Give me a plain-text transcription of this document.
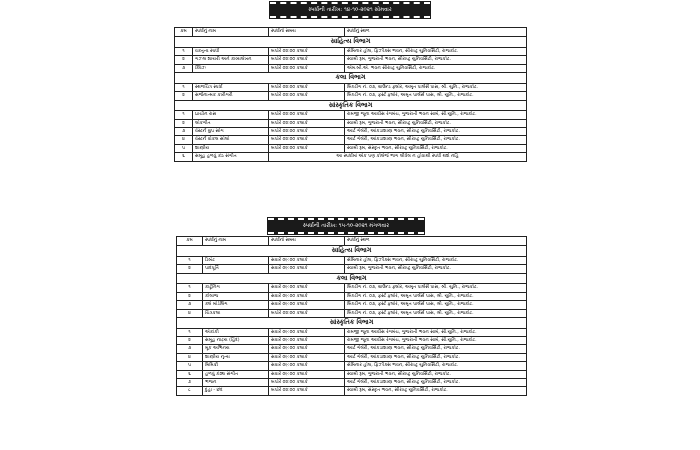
સ્પર્ધાની તારીખ: ૧૪-૧૦-૨૦૨૧ સોમવાર
ક્રમ	સ્પર્ધાનું નામ	સ્પર્ધાનો સમય	સ્પર્ધાનું સ્થળ
સાહિત્ય વિભાગ			
૧	વક્તૃત્વ સ્પર્ધા	બપોરે ૦૨:૦૦ કલાકે	સેમિનાર હોલ, ફિઝીક્સ ભવન, સૌરાષ્ટ્ર યુનિવર્સિટી, રાજકોટ.
૨	ગઝલ શાયરી અને કાવ્યલેખન	બપોરે ૦૨:૦૦ કલાકે	સ્વામી રૂમ, ગુજરાતી ભવન, સૌરાષ્ટ્ર યુનિવર્સિટી, રાજકોટ.
૩	ક્વિઝ	બપોરે ૦૨:૦૦ કલાકે	એમ.બી.એ. ભવન સૌરાષ્ટ્ર યુનિવર્સિટી, રાજકોટ.
કલા વિભાગ			
૧	સ્થળચિત્ર સ્પર્ધા	બપોરે ૦૨:૦૦ કલાકે	બિલ્ડીંગ નં. ૦૩, ગ્રાઉન્ડ ફ્લોર, અમૃત પાર્લર્સ પાસ, શ્રી. યુનિ., રાજકોટ.
૨	સર્જનાત્મક કારીગરી	બપોરે ૦૨:૦૦ કલાકે	બિલ્ડીંગ નં. ૦૩, ફર્સ્ટ ફ્લોર, અમૃત પાર્લર્સ પાસ, શ્રી. યુનિ., રાજકોટ.
સાંસ્કૃતિક વિભાગ			
૧	પ્રાચીન રાસ	બપોરે ૦૨:૦૦ કલાકે	રામજી જૂના આવીસ રંગમંચ, ગુજરાતી ભવન સામે, સૌ.યુનિ., રાજકોટ.
૨	લોકગીત	બપોરે ૦૨:૦૦ કલાકે	સ્વામી રૂમ, ગુજરાતી ભવન, સૌરાષ્ટ્ર યુનિવર્સિટી, રાજકોટ.
૩	વેસ્ટર્ન ગ્રુપ સોંગ	બપોરે ૦૨:૦૦ કલાકે	આર્ટ ગેલેરી, આંકડાશાસ્ત્ર ભવન, સૌરાષ્ટ્ર યુનિવર્સિટી, રાજકોટ.
૪	વેસ્ટર્ન વોકલ સોલો	બપોરે ૦૨:૦૦ કલાકે	આર્ટ ગેલેરી, આંકડાશાસ્ત્ર ભવન, સૌરાષ્ટ્ર યુનિવર્સિટી, રાજકોટ.
૫	શાસ્ત્રીય	બપોરે ૦૨:૦૦ કલાકે	સ્વામી રૂમ, સંસ્કૃત ભવન, સૌરાષ્ટ્ર યુનિવર્સિટી, રાજકોટ.
૬	સમૂહ હળવું કંઠ સંગીત	આ સ્પર્ધામાં એક પણ કોલેજે ભાગ લીધેલ ન હોવાથી સ્પર્ધા થશે નહિ	
સ્પર્ધાની તારીખ: ૧૫-૧૦-૨૦૨૧ મંગળવાર
ક્રમ	સ્પર્ધાનું નામ	સ્પર્ધાનો સમય	સ્પર્ધાનું સ્થળ
સાહિત્ય વિભાગ			
૧	ડિબેટ	સવારે ૦૯:૦૦ કલાકે	સેમિનાર હોલ, ફિઝીક્સ ભવન, સૌરાષ્ટ્ર યુનિવર્સિટી, રાજકોટ.
૨	પાદપૂર્તિ	સવારે ૦૯:૦૦ કલાકે	સ્વામી રૂમ, ગુજરાતી ભવન, સૌરાષ્ટ્ર યુનિવર્સિટી, રાજકોટ.
કલા વિભાગ			
૧	કાર્ટૂનિંગ	સવારે ૦૯:૦૦ કલાકે	બિલ્ડીંગ નં. ૦૩, ગ્રાઉન્ડ ફ્લોર, અમૃત પાર્લર્સ પાસ, શ્રી. યુનિ., રાજકોટ.
૨	કોલાજ	સવારે ૦૯:૦૦ કલાકે	બિલ્ડીંગ નં. ૦૩, ફર્સ્ટ ફ્લોર, અમૃત પાર્લર્સ પાસ, શ્રી. યુનિ., રાજકોટ.
૩	ક્લે મોડેલિંગ	સવારે ૦૯:૦૦ કલાકે	બિલ્ડીંગ નં. ૦૩, ફર્સ્ટ ફ્લોર, અમૃત પાર્લર્સ પાસ, શ્રી. યુનિ., રાજકોટ.
૪	ચિત્રકલા	બપોરે ૦૨:૦૦ કલાકે	બિલ્ડીંગ નં. ૦૩, ફર્સ્ટ ફ્લોર, અમૃત પાર્લર્સ પાસ, શ્રી. યુનિ., રાજકોટ.
સાંસ્કૃતિક વિભાગ			
૧	એકાંકી	સવારે ૦૯:૦૦ કલાકે	રામજી જૂના આવીસ રંગમંચ, ગુજરાતી ભવન સામે, સૌ.યુનિ., રાજકોટ.
૨	સમૂહ નાટ્ય (હિંદ)	સવારે ૦૯:૦૦ કલાકે	રામજી જૂના આવીસ રંગમંચ, ગુજરાતી ભવન સામે, સૌ.યુનિ., રાજકોટ.
૩	મૂક અભિનય	સવારે ૦૯:૦૦ કલાકે	આર્ટ ગેલેરી, આંકડાશાસ્ત્ર ભવન, સૌરાષ્ટ્ર યુનિવર્સિટી, રાજકોટ.
૪	શાસ્ત્રીય નૃત્ય	સવારે ૦૯:૦૦ કલાકે	આર્ટ ગેલેરી, આંકડાશાસ્ત્ર ભવન, સૌરાષ્ટ્ર યુનિવર્સિટી, રાજકોટ.
૫	મિમિક્રી	સવારે ૦૯:૦૦ કલાકે	સેમિનાર હોલ, ફિઝીક્સ ભવન, સૌરાષ્ટ્ર યુનિવર્સિટી, રાજકોટ.
૬	હળવું કંઠ્ય સંગીત	સવારે ૦૯:૦૦ કલાકે	સ્વામી રૂમ, ગુજરાતી ભવન, સૌરાષ્ટ્ર યુનિવર્સિટી, રાજકોટ.
૭	ભજન	બપોરે ૦૨:૦૦ કલાકે	આર્ટ ગેલેરી, આંકડાશાસ્ત્ર ભવન, સૌરાષ્ટ્ર યુનિવર્સિટી, રાજકોટ.
૮	દુહા - છંદ	બપોરે ૦૨:૦૦ કલાકે	સ્વામી રૂમ, સંસ્કૃત ભવન, સૌરાષ્ટ્ર યુનિવર્સિટી, રાજકોટ.
